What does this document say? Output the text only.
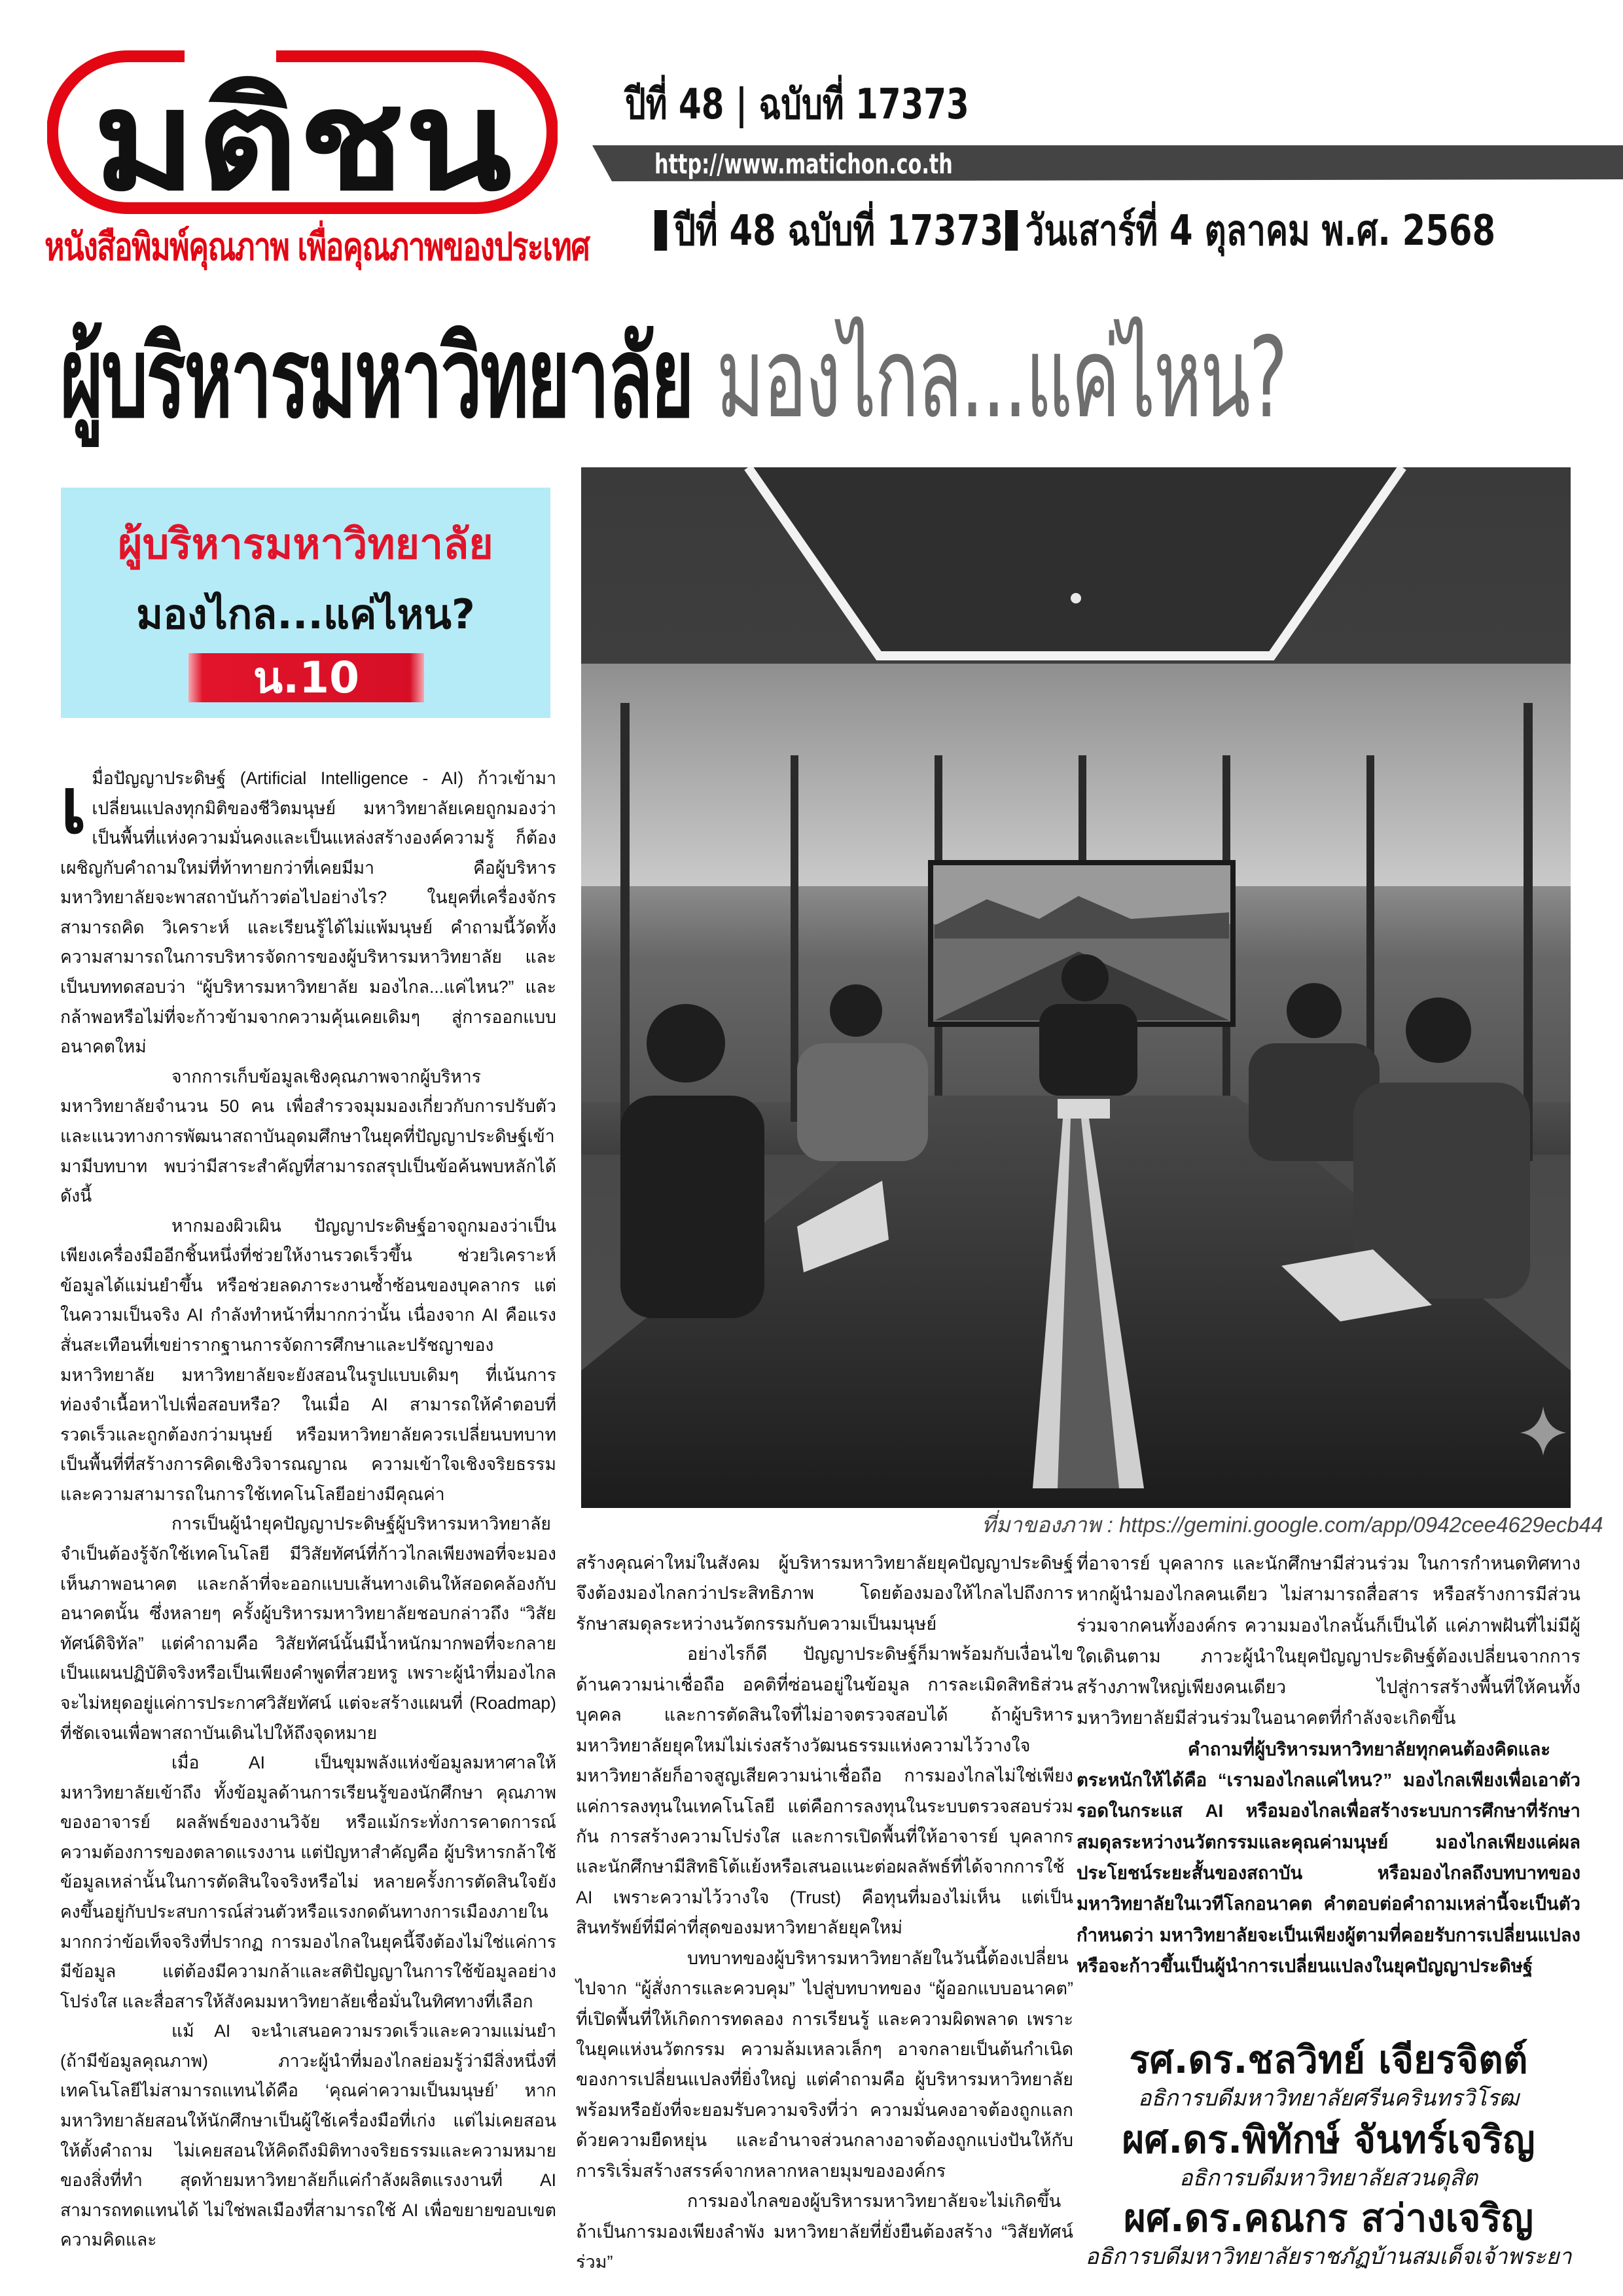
มติชน
หนังสือพิมพ์คุณภาพ เพื่อคุณภาพของประเทศ
ปีที่ 48 | ฉบับที่ 17373
http://www.matichon.co.th
ปีที่ 48 ฉบับที่ 17373 วันเสาร์ที่ 4 ตุลาคม พ.ศ. 2568
ผู้บริหารมหาวิทยาลัย มองไกล...แค่ไหน?
ผู้บริหารมหาวิทยาลัย
มองไกล...แค่ไหน?
น.10
ที่มาของภาพ : https://gemini.google.com/app/0942cee4629ecb44

เมื่อปัญญาประดิษฐ์ (Artificial Intelligence - AI) ก้าวเข้ามาเปลี่ยนแปลงทุกมิติของชีวิตมนุษย์ มหาวิทยาลัยเคยถูกมองว่าเป็นพื้นที่แห่งความมั่นคงและเป็นแหล่งสร้างองค์ความรู้ ก็ต้องเผชิญกับคำถามใหม่ที่ท้าทายกว่าที่เคยมีมา คือผู้บริหารมหาวิทยาลัยจะพาสถาบันก้าวต่อไปอย่างไร? ในยุคที่เครื่องจักรสามารถคิด วิเคราะห์ และเรียนรู้ได้ไม่แพ้มนุษย์ คำถามนี้วัดทั้งความสามารถในการบริหารจัดการของผู้บริหารมหาวิทยาลัย และเป็นบททดสอบว่า “ผู้บริหารมหาวิทยาลัย มองไกล...แค่ไหน?” และกล้าพอหรือไม่ที่จะก้าวข้ามจากความคุ้นเคยเดิมๆ สู่การออกแบบอนาคตใหม่

จากการเก็บข้อมูลเชิงคุณภาพจากผู้บริหารมหาวิทยาลัยจำนวน 50 คน เพื่อสำรวจมุมมองเกี่ยวกับการปรับตัวและแนวทางการพัฒนาสถาบันอุดมศึกษาในยุคที่ปัญญาประดิษฐ์เข้ามามีบทบาท พบว่ามีสาระสำคัญที่สามารถสรุปเป็นข้อค้นพบหลักได้ดังนี้

หากมองผิวเผิน ปัญญาประดิษฐ์อาจถูกมองว่าเป็นเพียงเครื่องมืออีกชิ้นหนึ่งที่ช่วยให้งานรวดเร็วขึ้น ช่วยวิเคราะห์ข้อมูลได้แม่นยำขึ้น หรือช่วยลดภาระงานซ้ำซ้อนของบุคลากร แต่ในความเป็นจริง AI กำลังทำหน้าที่มากกว่านั้น เนื่องจาก AI คือแรงสั่นสะเทือนที่เขย่ารากฐานการจัดการศึกษาและปรัชญาของมหาวิทยาลัย มหาวิทยาลัยจะยังสอนในรูปแบบเดิมๆ ที่เน้นการท่องจำเนื้อหาไปเพื่อสอบหรือ? ในเมื่อ AI สามารถให้คำตอบที่รวดเร็วและถูกต้องกว่ามนุษย์ หรือมหาวิทยาลัยควรเปลี่ยนบทบาทเป็นพื้นที่ที่สร้างการคิดเชิงวิจารณญาณ ความเข้าใจเชิงจริยธรรมและความสามารถในการใช้เทคโนโลยีอย่างมีคุณค่า

การเป็นผู้นำยุคปัญญาประดิษฐ์ผู้บริหารมหาวิทยาลัยจำเป็นต้องรู้จักใช้เทคโนโลยี มีวิสัยทัศน์ที่ก้าวไกลเพียงพอที่จะมองเห็นภาพอนาคต และกล้าที่จะออกแบบเส้นทางเดินให้สอดคล้องกับอนาคตนั้น ซึ่งหลายๆ ครั้งผู้บริหารมหาวิทยาลัยชอบกล่าวถึง “วิสัยทัศน์ดิจิทัล” แต่คำถามคือ วิสัยทัศน์นั้นมีน้ำหนักมากพอที่จะกลายเป็นแผนปฏิบัติจริงหรือเป็นเพียงคำพูดที่สวยหรู เพราะผู้นำที่มองไกลจะไม่หยุดอยู่แค่การประกาศวิสัยทัศน์ แต่จะสร้างแผนที่ (Roadmap) ที่ชัดเจนเพื่อพาสถาบันเดินไปให้ถึงจุดหมาย

เมื่อ AI เป็นขุมพลังแห่งข้อมูลมหาศาลให้มหาวิทยาลัยเข้าถึง ทั้งข้อมูลด้านการเรียนรู้ของนักศึกษา คุณภาพของอาจารย์ ผลลัพธ์ของงานวิจัย หรือแม้กระทั่งการคาดการณ์ความต้องการของตลาดแรงงาน แต่ปัญหาสำคัญคือ ผู้บริหารกล้าใช้ข้อมูลเหล่านั้นในการตัดสินใจจริงหรือไม่ หลายครั้งการตัดสินใจยังคงขึ้นอยู่กับประสบการณ์ส่วนตัวหรือแรงกดดันทางการเมืองภายในมากกว่าข้อเท็จจริงที่ปรากฏ การมองไกลในยุคนี้จึงต้องไม่ใช่แค่การมีข้อมูล แต่ต้องมีความกล้าและสติปัญญาในการใช้ข้อมูลอย่างโปร่งใส และสื่อสารให้สังคมมหาวิทยาลัยเชื่อมั่นในทิศทางที่เลือก

แม้ AI จะนำเสนอความรวดเร็วและความแม่นยำ (ถ้ามีข้อมูลคุณภาพ) ภาวะผู้นำที่มองไกลย่อมรู้ว่ามีสิ่งหนึ่งที่เทคโนโลยีไม่สามารถแทนได้คือ ‘คุณค่าความเป็นมนุษย์’ หากมหาวิทยาลัยสอนให้นักศึกษาเป็นผู้ใช้เครื่องมือที่เก่ง แต่ไม่เคยสอนให้ตั้งคำถาม ไม่เคยสอนให้คิดถึงมิติทางจริยธรรมและความหมายของสิ่งที่ทำ สุดท้ายมหาวิทยาลัยก็แค่กำลังผลิตแรงงานที่ AI สามารถทดแทนได้ ไม่ใช่พลเมืองที่สามารถใช้ AI เพื่อขยายขอบเขตความคิดและ

สร้างคุณค่าใหม่ในสังคม ผู้บริหารมหาวิทยาลัยยุคปัญญาประดิษฐ์จึงต้องมองไกลกว่าประสิทธิภาพ โดยต้องมองให้ไกลไปถึงการรักษาสมดุลระหว่างนวัตกรรมกับความเป็นมนุษย์

อย่างไรก็ดี ปัญญาประดิษฐ์ก็มาพร้อมกับเงื่อนไขด้านความน่าเชื่อถือ อคติที่ซ่อนอยู่ในข้อมูล การละเมิดสิทธิส่วนบุคคล และการตัดสินใจที่ไม่อาจตรวจสอบได้ ถ้าผู้บริหารมหาวิทยาลัยยุคใหม่ไม่เร่งสร้างวัฒนธรรมแห่งความไว้วางใจ มหาวิทยาลัยก็อาจสูญเสียความน่าเชื่อถือ การมองไกลไม่ใช่เพียงแค่การลงทุนในเทคโนโลยี แต่คือการลงทุนในระบบตรวจสอบร่วมกัน การสร้างความโปร่งใส และการเปิดพื้นที่ให้อาจารย์ บุคลากร และนักศึกษามีสิทธิโต้แย้งหรือเสนอแนะต่อผลลัพธ์ที่ได้จากการใช้ AI เพราะความไว้วางใจ (Trust) คือทุนที่มองไม่เห็น แต่เป็นสินทรัพย์ที่มีค่าที่สุดของมหาวิทยาลัยยุคใหม่

บทบาทของผู้บริหารมหาวิทยาลัยในวันนี้ต้องเปลี่ยนไปจาก “ผู้สั่งการและควบคุม” ไปสู่บทบาทของ “ผู้ออกแบบอนาคต” ที่เปิดพื้นที่ให้เกิดการทดลอง การเรียนรู้ และความผิดพลาด เพราะในยุคแห่งนวัตกรรม ความล้มเหลวเล็กๆ อาจกลายเป็นต้นกำเนิดของการเปลี่ยนแปลงที่ยิ่งใหญ่ แต่คำถามคือ ผู้บริหารมหาวิทยาลัยพร้อมหรือยังที่จะยอมรับความจริงที่ว่า ความมั่นคงอาจต้องถูกแลกด้วยความยืดหยุ่น และอำนาจส่วนกลางอาจต้องถูกแบ่งปันให้กับการริเริ่มสร้างสรรค์จากหลากหลายมุมขององค์กร

การมองไกลของผู้บริหารมหาวิทยาลัยจะไม่เกิดขึ้น ถ้าเป็นการมองเพียงลำพัง มหาวิทยาลัยที่ยั่งยืนต้องสร้าง “วิสัยทัศน์ร่วม”

ที่อาจารย์ บุคลากร และนักศึกษามีส่วนร่วม ในการกำหนดทิศทาง หากผู้นำมองไกลคนเดียว ไม่สามารถสื่อสาร หรือสร้างการมีส่วนร่วมจากคนทั้งองค์กร ความมองไกลนั้นก็เป็นได้ แค่ภาพฝันที่ไม่มีผู้ใดเดินตาม ภาวะผู้นำในยุคปัญญาประดิษฐ์ต้องเปลี่ยนจากการสร้างภาพใหญ่เพียงคนเดียว ไปสู่การสร้างพื้นที่ให้คนทั้งมหาวิทยาลัยมีส่วนร่วมในอนาคตที่กำลังจะเกิดขึ้น

คำถามที่ผู้บริหารมหาวิทยาลัยทุกคนต้องคิดและตระหนักให้ได้คือ “เรามองไกลแค่ไหน?” มองไกลเพียงเพื่อเอาตัวรอดในกระแส AI หรือมองไกลเพื่อสร้างระบบการศึกษาที่รักษาสมดุลระหว่างนวัตกรรมและคุณค่ามนุษย์ มองไกลเพียงแค่ผลประโยชน์ระยะสั้นของสถาบัน หรือมองไกลถึงบทบาทของมหาวิทยาลัยในเวทีโลกอนาคต คำตอบต่อคำถามเหล่านี้จะเป็นตัวกำหนดว่า มหาวิทยาลัยจะเป็นเพียงผู้ตามที่คอยรับการเปลี่ยนแปลง หรือจะก้าวขึ้นเป็นผู้นำการเปลี่ยนแปลงในยุคปัญญาประดิษฐ์

รศ.ดร.ชลวิทย์ เจียรจิตต์
อธิการบดีมหาวิทยาลัยศรีนครินทรวิโรฒ
ผศ.ดร.พิทักษ์ จันทร์เจริญ
อธิการบดีมหาวิทยาลัยสวนดุสิต
ผศ.ดร.คณกร สว่างเจริญ
อธิการบดีมหาวิทยาลัยราชภัฏบ้านสมเด็จเจ้าพระยา
